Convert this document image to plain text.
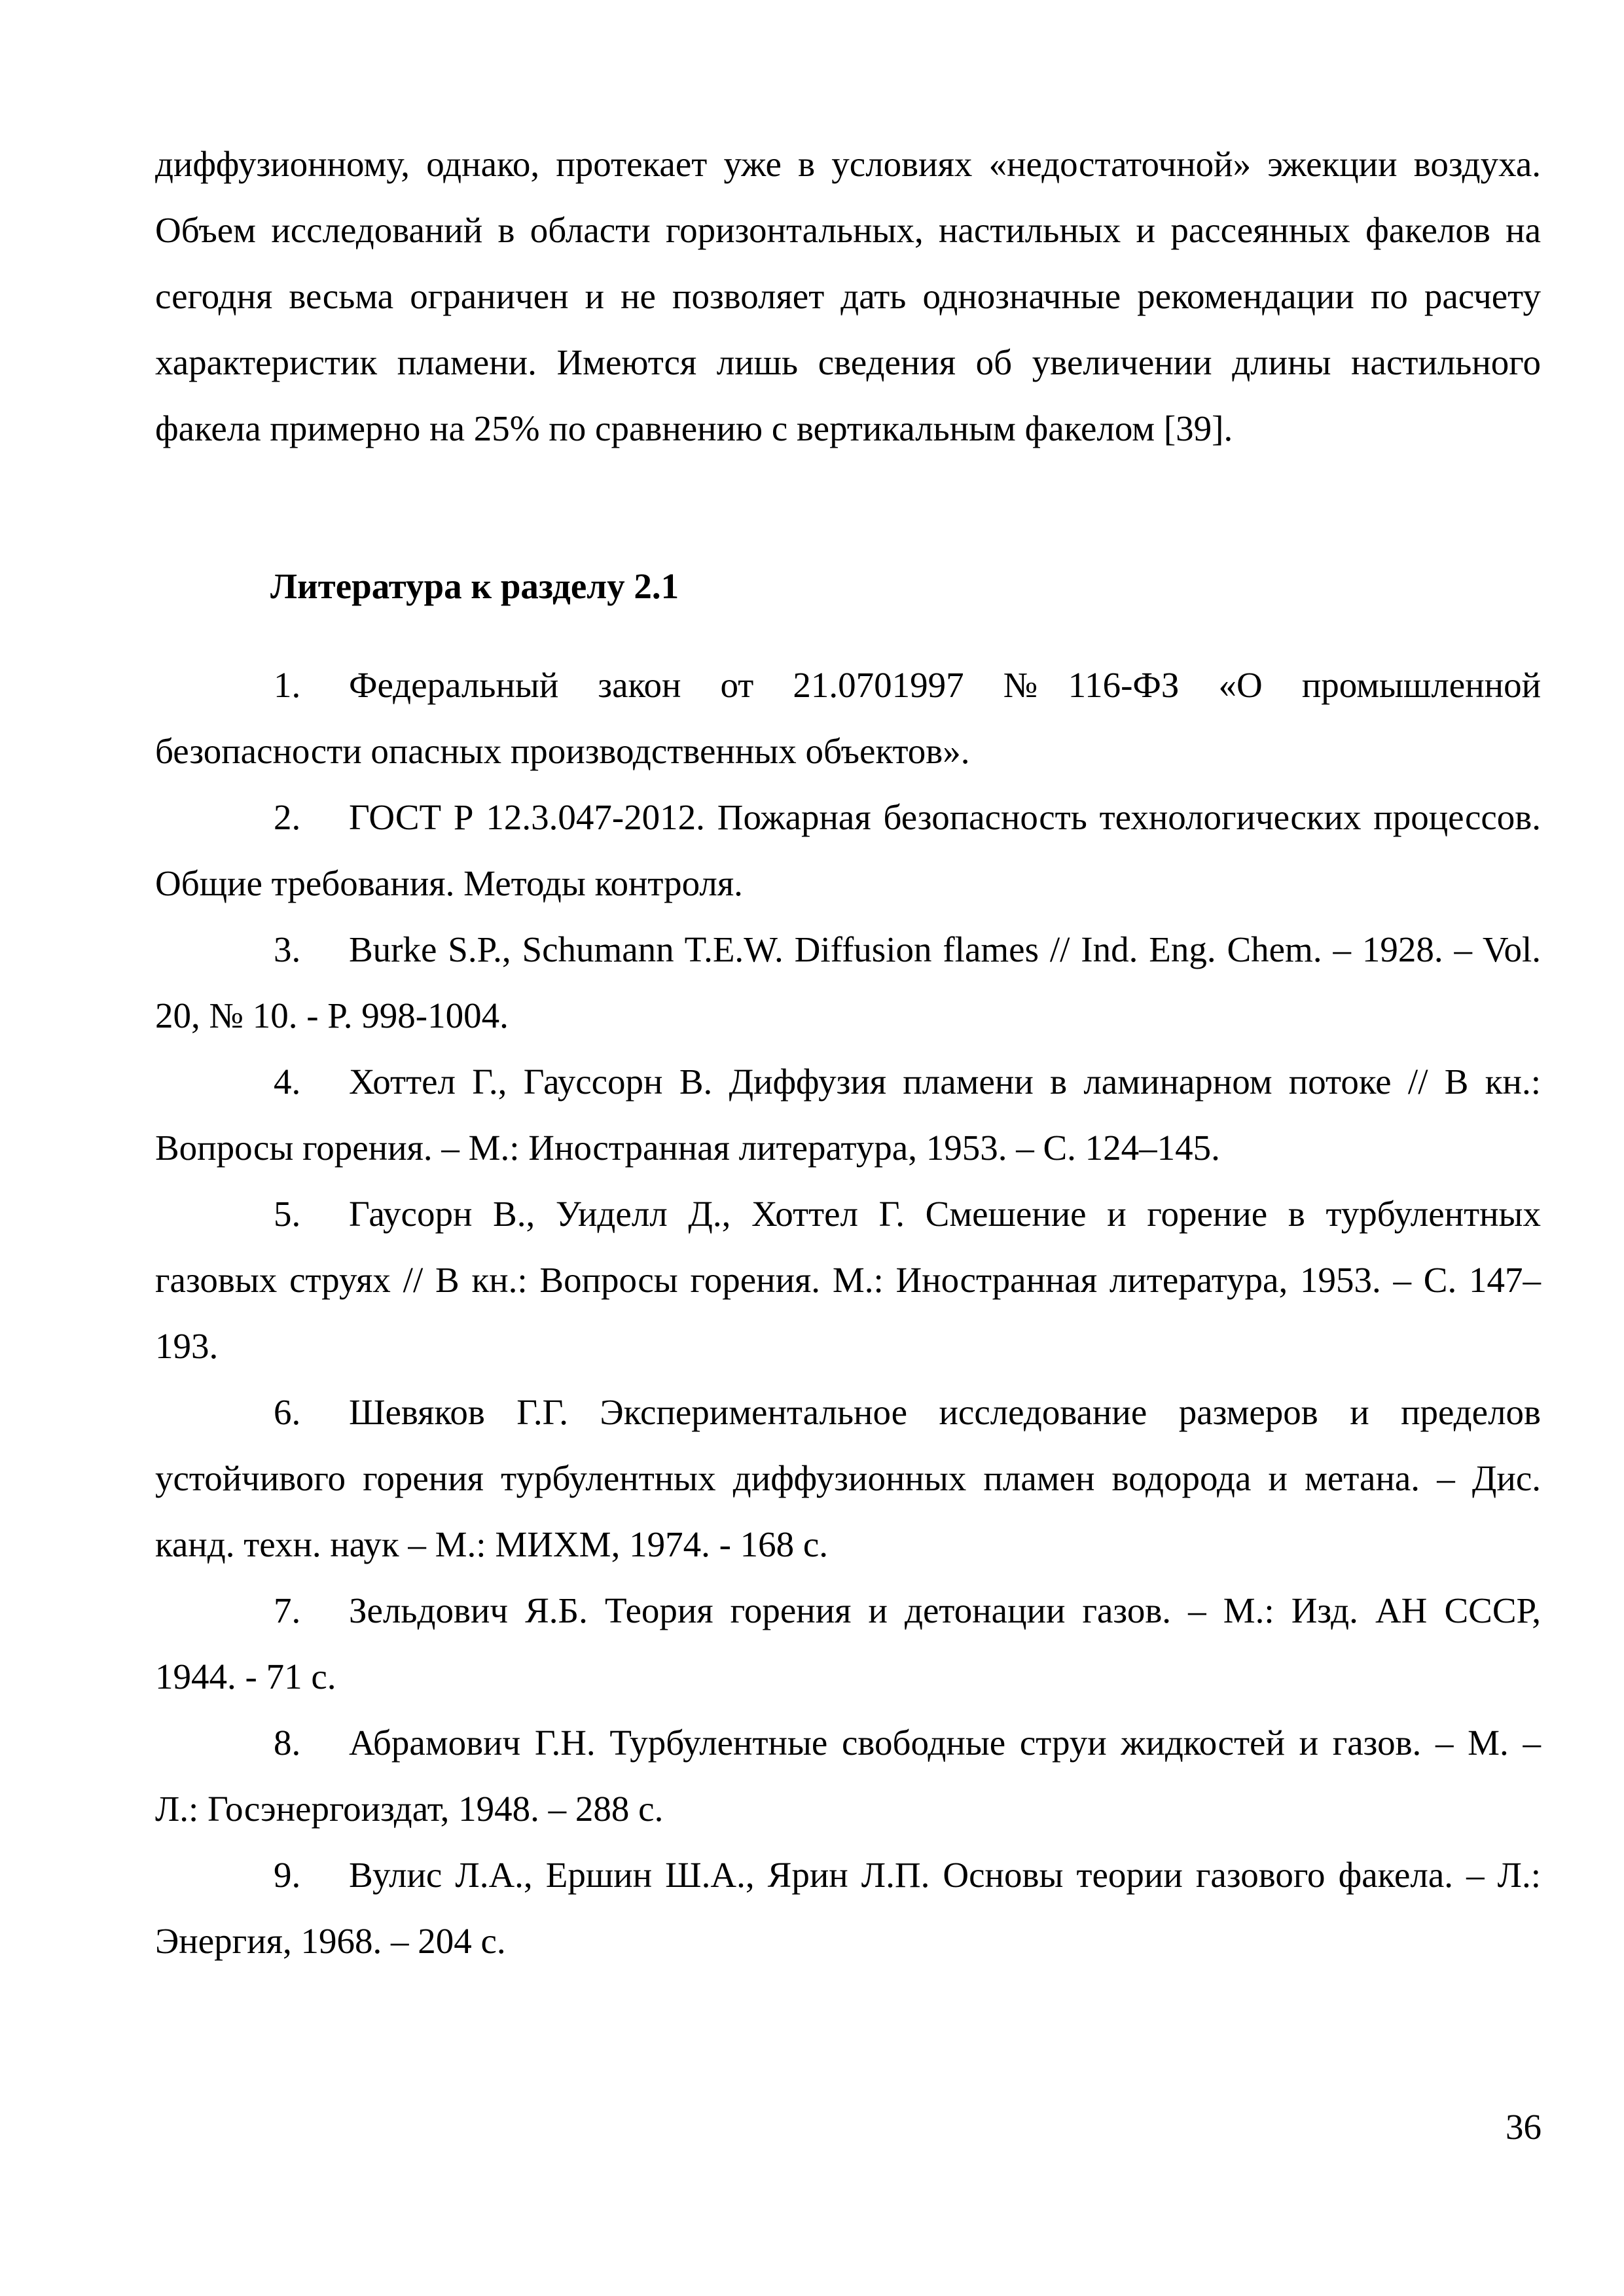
диффузионному, однако, протекает уже в условиях «недостаточной» эжекции воздуха. Объем исследований в области горизонтальных, настильных и рассеянных факелов на сегодня весьма ограничен и не позволяет дать однозначные рекомендации по расчету характеристик пламени. Имеются лишь сведения об увеличении длины настильного факела примерно на 25% по сравнению с вертикальным факелом [39].

Литература к разделу 2.1

1. Федеральный закон от 21.0701997 №116-ФЗ «О промышленной безопасности опасных производственных объектов».
2. ГОСТ Р 12.3.047-2012. Пожарная безопасность технологических процессов. Общие требования. Методы контроля.
3. Burke S.P., Schumann T.E.W. Diffusion flames // Ind. Eng. Chem. – 1928. – Vol. 20, № 10. - P. 998-1004.
4. Хоттел Г., Гауссорн В. Диффузия пламени в ламинарном потоке // В кн.: Вопросы горения. – М.: Иностранная литература, 1953. – С. 124–145.
5. Гаусорн В., Уиделл Д., Хоттел Г. Смешение и горение в турбулентных газовых струях // В кн.: Вопросы горения. М.: Иностранная литература, 1953. – С. 147–193.
6. Шевяков Г.Г. Экспериментальное исследование размеров и пределов устойчивого горения турбулентных диффузионных пламен водорода и метана. – Дис. канд. техн. наук – М.: МИХМ, 1974. - 168 с.
7. Зельдович Я.Б. Теория горения и детонации газов. – М.: Изд. АН СССР, 1944. - 71 с.
8. Абрамович Г.Н. Турбулентные свободные струи жидкостей и газов. – М. – Л.: Госэнергоиздат, 1948. – 288 с.
9. Вулис Л.А., Ершин Ш.А., Ярин Л.П. Основы теории газового факела. – Л.: Энергия, 1968. – 204 с.
36
